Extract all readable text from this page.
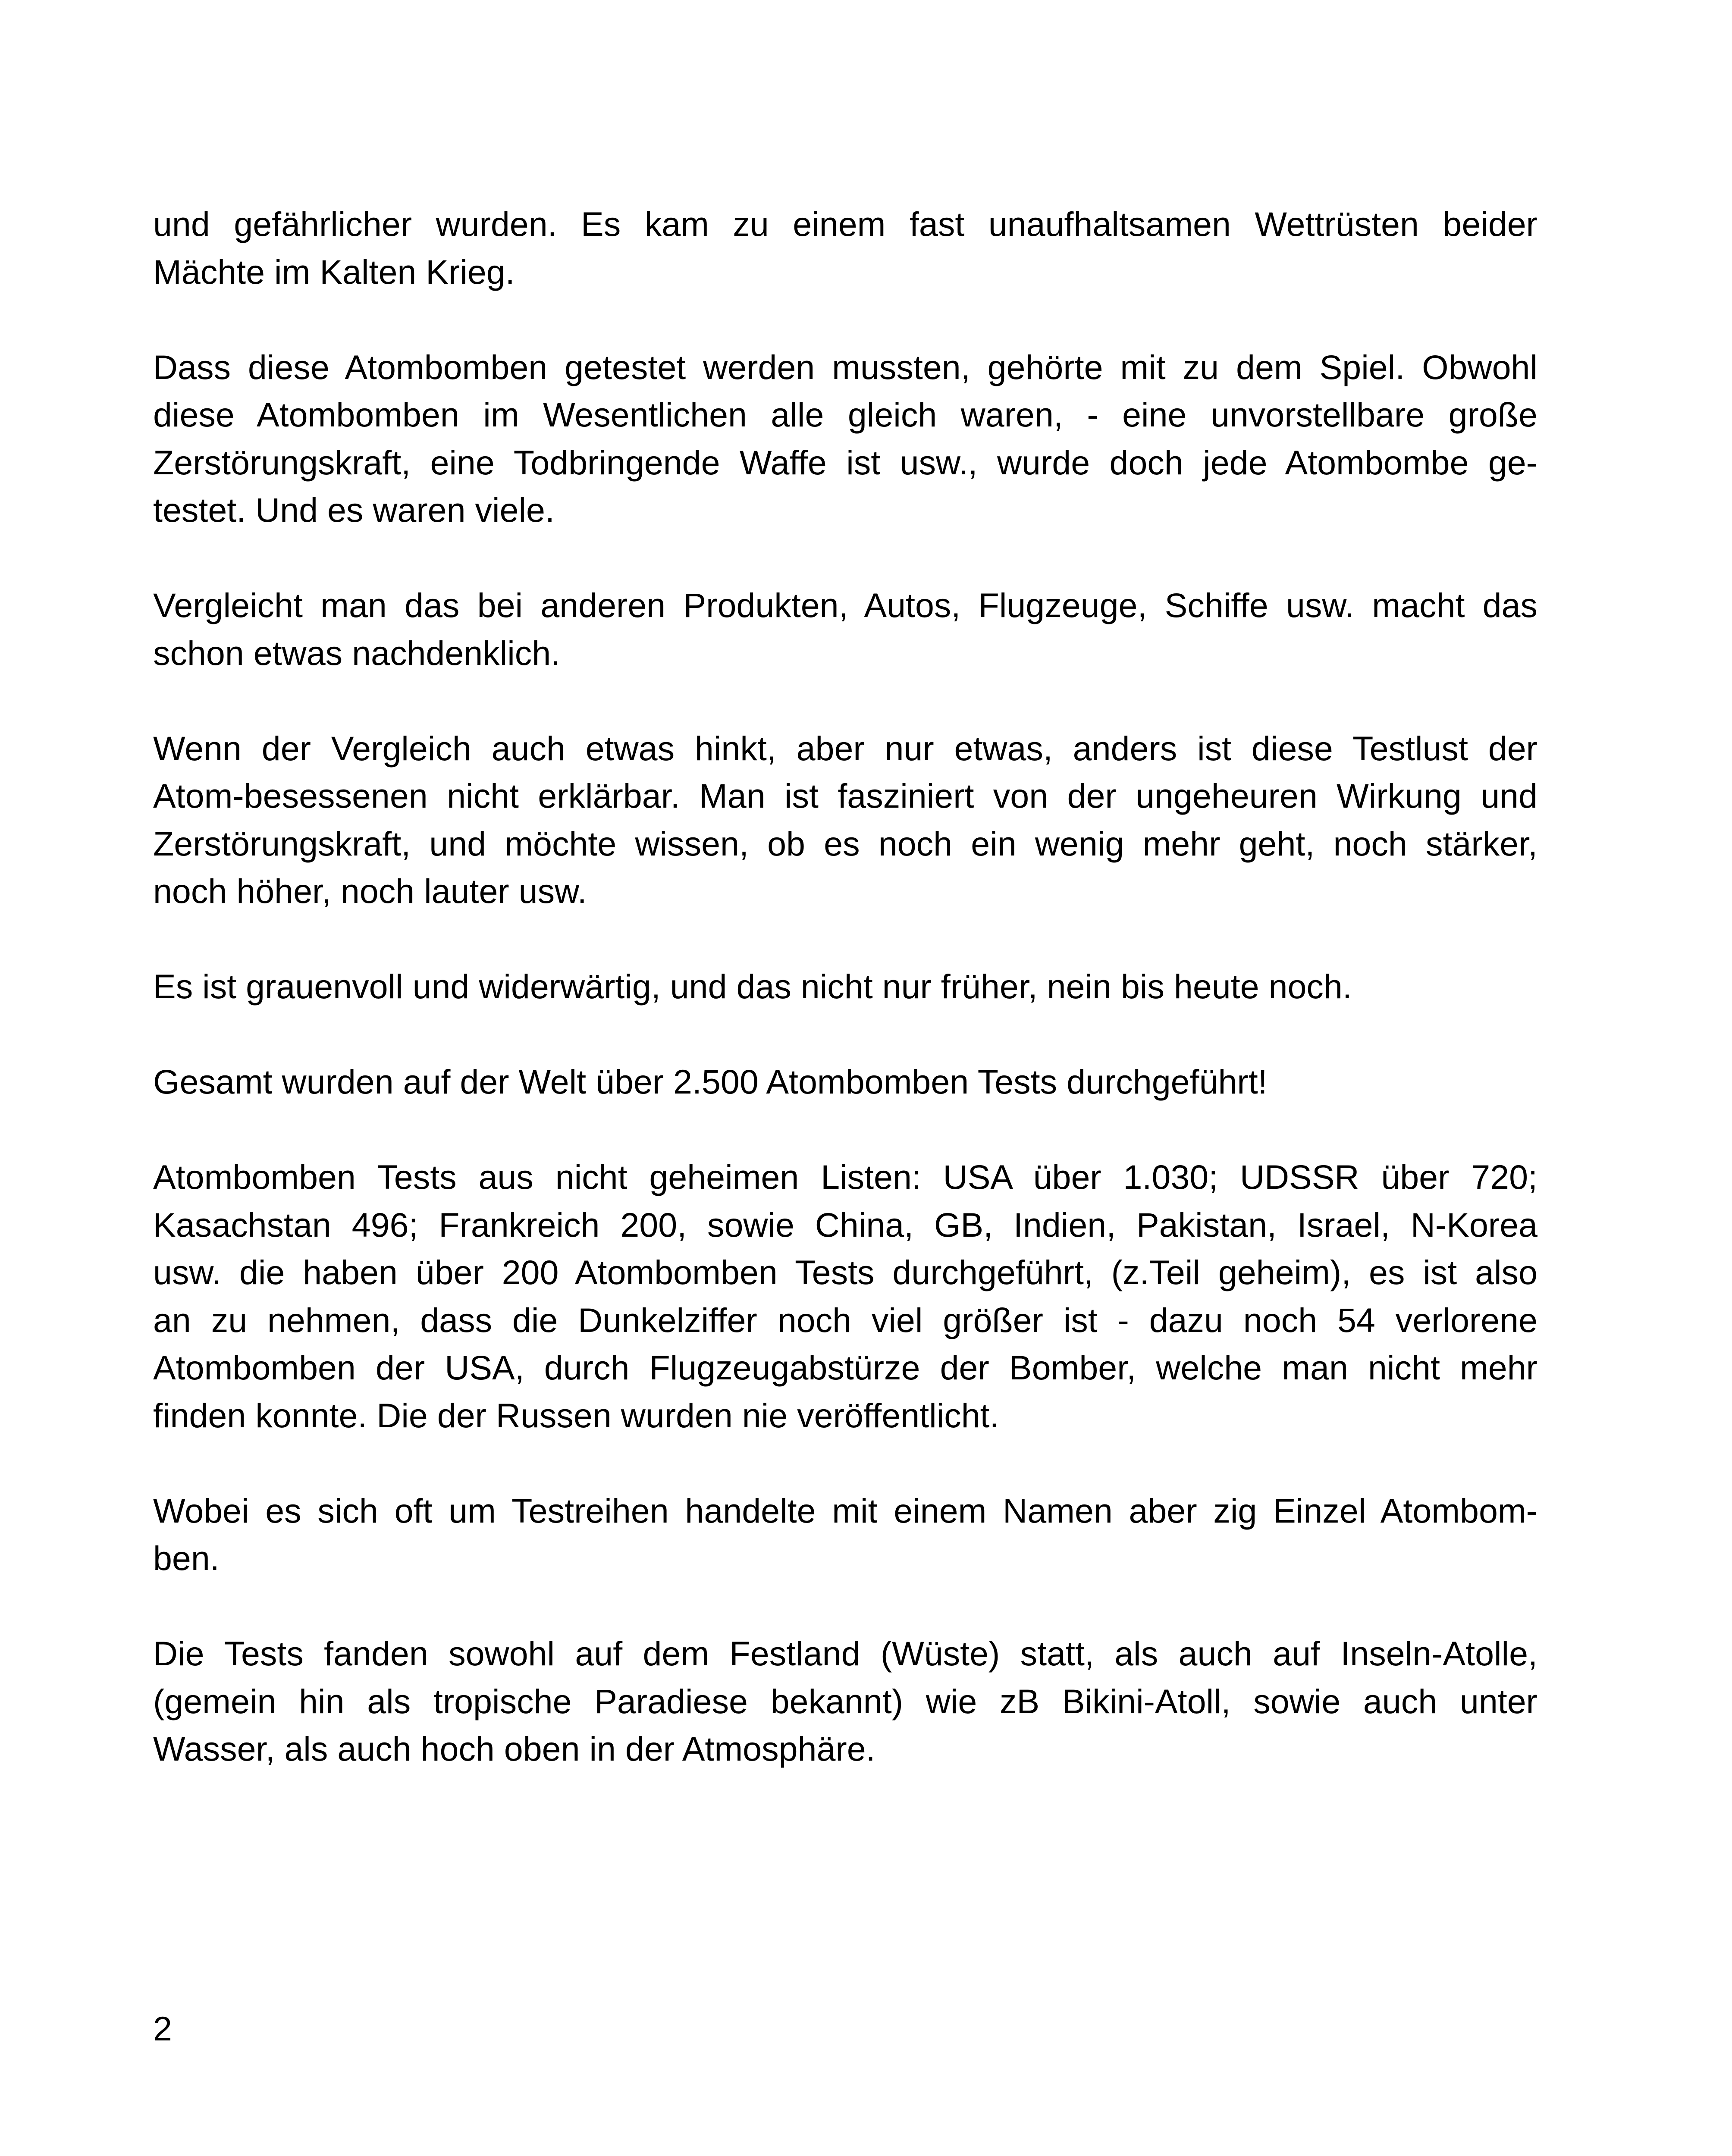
und gefährlicher wurden. Es kam zu einem fast unaufhaltsamen Wettrüsten beider
Mächte im Kalten Krieg.

Dass diese Atombomben getestet werden mussten, gehörte mit zu dem Spiel. Obwohl
diese Atombomben im Wesentlichen alle gleich waren, - eine unvorstellbare große
Zerstörungskraft, eine Todbringende Waffe ist usw., wurde doch jede Atombombe ge-
testet. Und es waren viele.

Vergleicht man das bei anderen Produkten, Autos, Flugzeuge, Schiffe usw. macht das
schon etwas nachdenklich.

Wenn der Vergleich auch etwas hinkt, aber nur etwas, anders ist diese Testlust der
Atom-besessenen nicht erklärbar. Man ist fasziniert von der ungeheuren Wirkung und
Zerstörungskraft, und möchte wissen, ob es noch ein wenig mehr geht, noch stärker,
noch höher, noch lauter usw.

Es ist grauenvoll und widerwärtig, und das nicht nur früher, nein bis heute noch.

Gesamt wurden auf der Welt über 2.500 Atombomben Tests durchgeführt!

Atombomben Tests aus nicht geheimen Listen: USA über 1.030; UDSSR über 720;
Kasachstan 496; Frankreich 200, sowie China, GB, Indien, Pakistan, Israel, N-Korea
usw. die haben über 200 Atombomben Tests durchgeführt, (z.Teil geheim), es ist also
an zu nehmen, dass die Dunkelziffer noch viel größer ist - dazu noch 54 verlorene
Atombomben der USA, durch Flugzeugabstürze der Bomber, welche man nicht mehr
finden konnte. Die der Russen wurden nie veröffentlicht.

Wobei es sich oft um Testreihen handelte mit einem Namen aber zig Einzel Atombom-
ben.

Die Tests fanden sowohl auf dem Festland (Wüste) statt, als auch auf Inseln-Atolle,
(gemein hin als tropische Paradiese bekannt) wie zB Bikini-Atoll, sowie auch unter
Wasser, als auch hoch oben in der Atmosphäre.

2
